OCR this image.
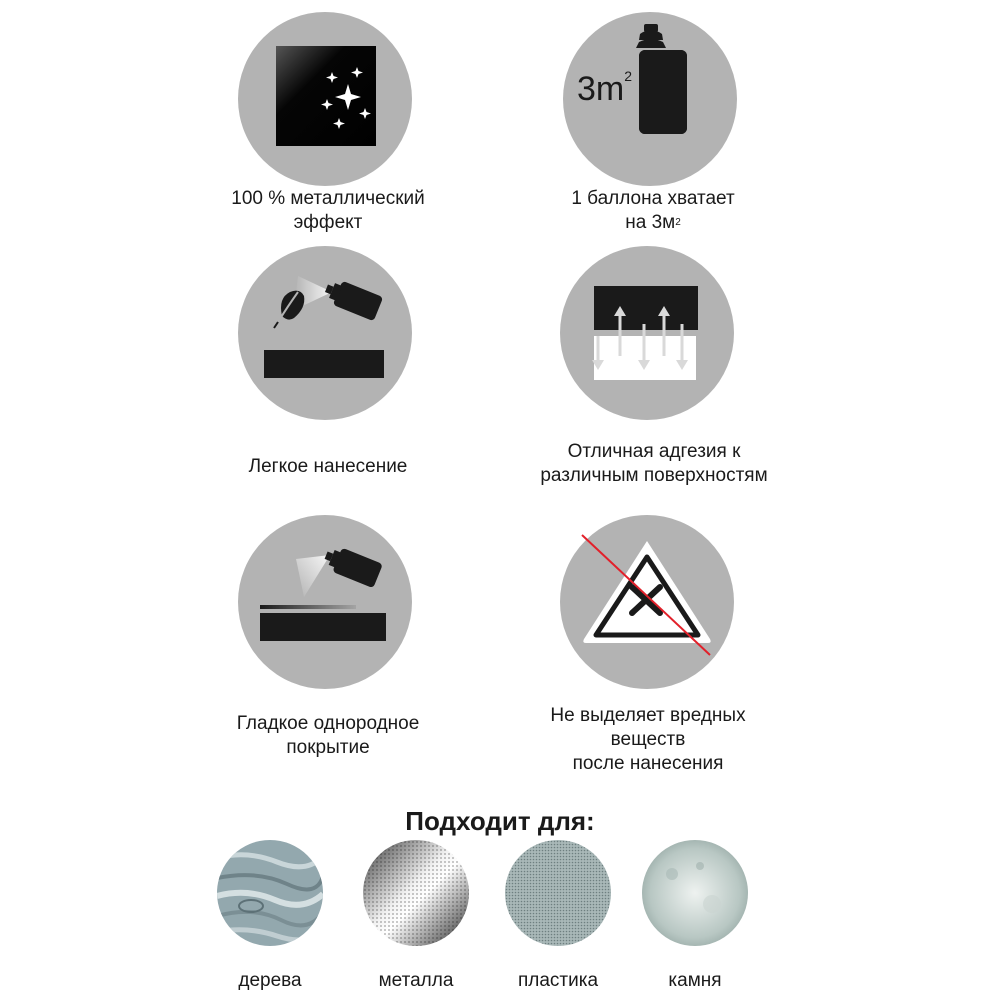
100 % металлический
эффект
$3m^2$
1 баллона хватает
на $3м^2$
Легкое нанесение
Отличная адгезия к
различным поверхностям
Гладкое однородное
покрытие
Не выделяет вредных
веществ
после нанесения
Подходит для:
дерева	металла	пластика	камня
